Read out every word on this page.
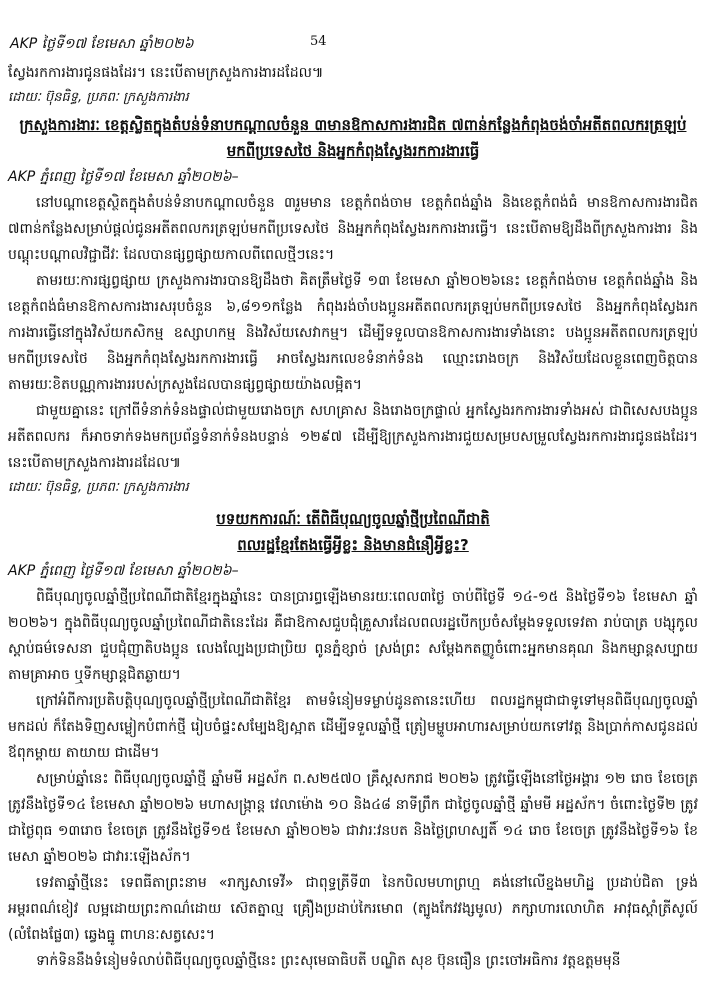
AKP ថ្ងៃទី១៧ ខែមេសា ឆ្នាំ២០២៦	54

ស្វែងរកការងារជូនផងដែរ។ នេះបើតាមក្រសួងការងារដដែល៕

ដោយៈ ប៊ុនធិទ្ធ, ប្រភពៈ ក្រសួងការងារ

ក្រសួងការងារៈ ខេត្តស្លិតក្នុងតំបន់ទំនាបកណ្ដាលចំនួន ៣មានឱកាសការងារជិត ៧ពាន់កន្លែងកំពុងចង់ចាំអតីតពលករត្រឡប់មកពីប្រទេសថៃ និងអ្នកកំពុងស្វែងរកការងារធ្វើ

AKP ភ្នំពេញ ថ្ងៃទី១៧ ខែមេសា ឆ្នាំ២០២៦–

នៅបណ្ដាខេត្តស្ថិតក្នុងតំបន់ទំនាបកណ្ដាលចំនួន ៣រួមមាន ខេត្តកំពង់ចាម ខេត្តកំពង់ឆ្នាំង និងខេត្តកំពង់ធំ មានឱកាសការងារជិត ៧ពាន់កន្លែងសម្រាប់ផ្ដល់ជូនអតីតពលករត្រឡប់មកពីប្រទេសថៃ និងអ្នកកំពុងស្វែងរកការងារធ្វើ។ នេះបើតាមឱ្យដឹងពីក្រសួងការងារ និងបណ្ដុះបណ្ដាលវិជ្ជាជីវៈ ដែលបានផ្សព្វផ្សាយកាលពីពេលថ្មីៗនេះ។

តាមរយៈការផ្សព្វផ្សាយ ក្រសួងការងារបានឱ្យដឹងថា គិតត្រឹមថ្ងៃទី ១៣ ខែមេសា ឆ្នាំ២០២៦នេះ ខេត្តកំពង់ចាម ខេត្តកំពង់ឆ្នាំង និងខេត្តកំពង់ធំមានឱកាសការងារសរុបចំនួន ៦,៨១១កន្លែង កំពុងរង់ចាំបងប្អូនអតីតពលករត្រឡប់មកពីប្រទេសថៃ និងអ្នកកំពុងស្វែងរកការងារធ្វើនៅក្នុងវិស័យកសិកម្ម ឧស្សាហកម្ម និងវិស័យសេវាកម្ម។ ដើម្បីទទួលបានឱកាសការងារទាំងនោះ បងប្អូនអតីតពលករត្រឡប់មកពីប្រទេសថៃ និងអ្នកកំពុងស្វែងរកការងារធ្វើ អាចស្វែងរកលេខទំនាក់ទំនង ឈ្មោះរោងចក្រ និងវិស័យដែលខ្លួនពេញចិត្តបានតាមរយៈខិតបណ្ណការងាររបស់ក្រសួងដែលបានផ្សព្វផ្សាយយ៉ាងលម្អិត។

ជាមួយគ្នានេះ ក្រៅពីទំនាក់ទំនងផ្ទាល់ជាមួយរោងចក្រ សហគ្រាស និងរោងចក្រផ្ទាល់ អ្នកស្វែងរកការងារទាំងអស់ ជាពិសេសបងប្អូនអតីតពលករ ក៏អាចទាក់ទងមកប្រព័ន្ធទំនាក់ទំនងបន្ទាន់ ១២៩៧ ដើម្បីឱ្យក្រសួងការងារជួយសម្របសម្រួលស្វែងរកការងារជូនផងដែរ។ នេះបើតាមក្រសួងការងារដដែល៕

ដោយៈ ប៊ុនធិទ្ធ, ប្រភពៈ ក្រសួងការងារ

បទយកការណ៍ៈ តើពិធីបុណ្យចូលឆ្នាំថ្មីប្រពៃណីជាតិ

ពលរដ្ឋខ្មែរតែងធ្វើអ្វីខ្លះ និងមានជំនឿអ្វីខ្លះ?

AKP ភ្នំពេញ ថ្ងៃទី១៧ ខែមេសា ឆ្នាំ២០២៦–

ពិធីបុណ្យចូលឆ្នាំថ្មីប្រពៃណីជាតិខ្មែរក្នុងឆ្នាំនេះ បានប្រារព្ធឡើងមានរយៈពេល៣ថ្ងៃ ចាប់ពីថ្ងៃទី ១៤-១៥ និងថ្ងៃទី១៦ ខែមេសា ឆ្នាំ ២០២៦។ ក្នុងពិធីបុណ្យចូលឆ្នាំប្រពៃណីជាតិនេះដែរ គឺជាឱកាសជួបជុំគ្រួសារដែលពលរដ្ឋបើកប្រចំសម្ដែងទទួលទេវតា រាប់បាត្រ បង្សុកូល ស្តាប់ធម៌ទេសនា ជួបជុំញាតិបងប្អូន លេងល្បែងប្រជាប្រិយ ពូនភ្នំខ្សាច់ ស្រង់ព្រះ សម្ដែងកតញ្ញូចំពោះអ្នកមានគុណ និងកម្សាន្តសប្បាយតាមគ្រាអាច ឬទីកម្សាន្តជិតឆ្ងាយ។

ក្រៅអំពីការប្រតិបត្តិបុណ្យចូលឆ្នាំថ្មីប្រពៃណីជាតិខ្មែរ តាមទំនៀមទម្លាប់ដូនតានេះហើយ ពលរដ្ឋកម្ពុជាជាទូទៅមុនពិធីបុណ្យចូលឆ្នាំមកដល់ ក៏តែងទិញសម្លៀកបំពាក់ថ្មី រៀបចំផ្ទះសម្បែងឱ្យស្អាត ដើម្បីទទួលឆ្នាំថ្មី ត្រៀមម្ហូបអាហារសម្រាប់យកទៅវត្ត និងប្រាក់កាសជូនដល់ឪពុកម្ដាយ តាយាយ ជាដើម។

សម្រាប់ឆ្នាំនេះ ពិធីបុណ្យចូលឆ្នាំថ្មី ឆ្នាំមមី អដ្ឋស័ក ព.ស២៥៧០ គ្រឹស្តសករាជ ២០២៦ ត្រូវធ្វើឡើងនៅថ្ងៃអង្គារ ១២ រោច ខែចេត្រ ត្រូវនឹងថ្ងៃទី១៤ ខែមេសា ឆ្នាំ២០២៦ មហាសង្ក្រាន្ត វេលាម៉ោង ១០ និង៤៨ នាទីព្រឹក ជាថ្ងៃចូលឆ្នាំថ្មី ឆ្នាំមមី អដ្ឋស័ក។ ចំពោះថ្ងៃទី២ ត្រូវជាថ្ងៃពុធ ១៣រោច ខែចេត្រ ត្រូវនឹងថ្ងៃទី១៥ ខែមេសា ឆ្នាំ២០២៦ ជាវារៈវនបត និងថ្ងៃព្រហស្បតិ៍ ១៤ រោច ខែចេត្រ ត្រូវនឹងថ្ងៃទី១៦ ខែមេសា ឆ្នាំ២០២៦ ជាវារៈឡើងស័ក។

ទេវតាឆ្នាំថ្មីនេះ ទេពធីតាព្រះនាម «រាក្សសាទេវី» ជាពុទ្ធត្រីទី៣ នៃកបិលមហាព្រហ្ម គង់នៅលើខ្នងមហិដ្ឋ ប្រដាប់ជិតា ទ្រង់អម្ពរពណ៌ខៀវ លម្អដោយព្រះកាណ៌ដោយ ស៊េតត្នាល្ម គ្រឿងប្រដាប់កៃរមោព (ត្បូងកែវវង្សមូល) ភក្សាហារលោហិត អាវុធស្ដាំត្រីសូល៍ (លំពែងផ្លែ៣) ឆ្វេងធ្នូ ពាហនៈសត្វសេះ។

ទាក់ទិននឹងទំនៀមទំលាប់ពិធីបុណ្យចូលឆ្នាំថ្មីនេះ ព្រះសុមេធាធិបតី បណ្ឌិត សុខ ប៊ុនធឿន ព្រះចៅអធិការ វត្តឧត្តមមុនី
